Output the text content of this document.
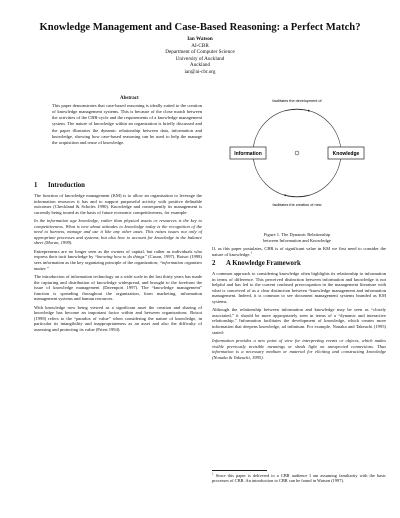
Knowledge Management and Case-Based Reasoning: a Perfect Match?
Ian Watson
AI-CBR
Department of Computer Science
University of Auckland
Auckland
ian@ai-cbr.org
Abstract
This paper demonstrates that case-based reasoning is ideally suited to the creation of knowledge management systems. This is because of the close match between the activities of the CBR-cycle and the requirements of a knowledge management system. The nature of knowledge within an organization is briefly discussed and the paper illustrates the dynamic relationship between data, information and knowledge, showing how case-based reasoning can be used to help the manage the acquisition and reuse of knowledge.
1 Introduction

The function of knowledge management (KM) is to allow an organisation to leverage the information resources it has and to support purposeful activity with positive definable outcomes (Checkland & Scholes 1990). Knowledge and consequently its management is currently being touted as the basis of future economic competitiveness, for example:

In the information age knowledge, rather than physical assets or resources is the key to competitiveness. What is new about attitudes to knowledge today is the recognition of the need to harness, manage and use it like any other asset. This raises issues not only of appropriate processes and systems, but also how to account for knowledge in the balance sheet (Moran, 1999).

Entrepreneurs are no longer seen as the owners of capital, but rather as individuals who express their tacit knowledge by “knowing how to do things” (Cuson, 1997). Boisot (1998) sees information as the key organizing principle of the organization; “information organizes matter.”

The introduction of information technology on a wide scale in the last thirty years has made the capturing and distribution of knowledge widespread, and brought to the forefront the issue of knowledge management (Davenport 1997). The “knowledge management” function is spreading throughout the organization, from marketing, information management systems and human resources.

With knowledge now being viewed as a significant asset the creation and sharing of knowledge has become an important factor within and between organizations. Boisot (1998) refers to the “paradox of value” when considering the nature of knowledge, in particular its intangibility and inappropriateness as an asset and also the difficulty of assessing and protecting its value (Priest 1994).

facilitates the development of
Information	Knowledge
facilitates the creation of new
Figure 1. The Dynamic Relationship
between Information and Knowledge

If, as this paper postulates, CBR is of significant value in KM we first need to consider the nature of knowledge.$^1$

2 A Knowledge Framework

A common approach to considering knowledge often highlights its relationship to information in terms of difference. This perceived distinction between information and knowledge is not helpful and has led to the current confused preoccupation in the management literature with what is conceived of as a clear distinction between “knowledge management and information management. Indeed, it is common to see document management systems branded as KM systems.

Although the relationship between information and knowledge may be seen as “closely associated,” it should be more appropriately seen in terms of a “dynamic and interactive relationship.” Information facilitates the development of knowledge, which creates more information that deepens knowledge, ad infinitum. For example, Nonaka and Takeuchi (1995) stated:

Information provides a new point of view for interpreting events or objects, which makes visible previously invisible meanings or sheds light on unexpected connections. Thus information is a necessary medium or material for eliciting and constructing knowledge (Nonaka & Takeuchi, 1995).

$^1$ Since this paper is delivered to a CBR audience I am assuming familiarity with the basic processes of CBR. An introduction to CBR can be found in Watson (1997).
